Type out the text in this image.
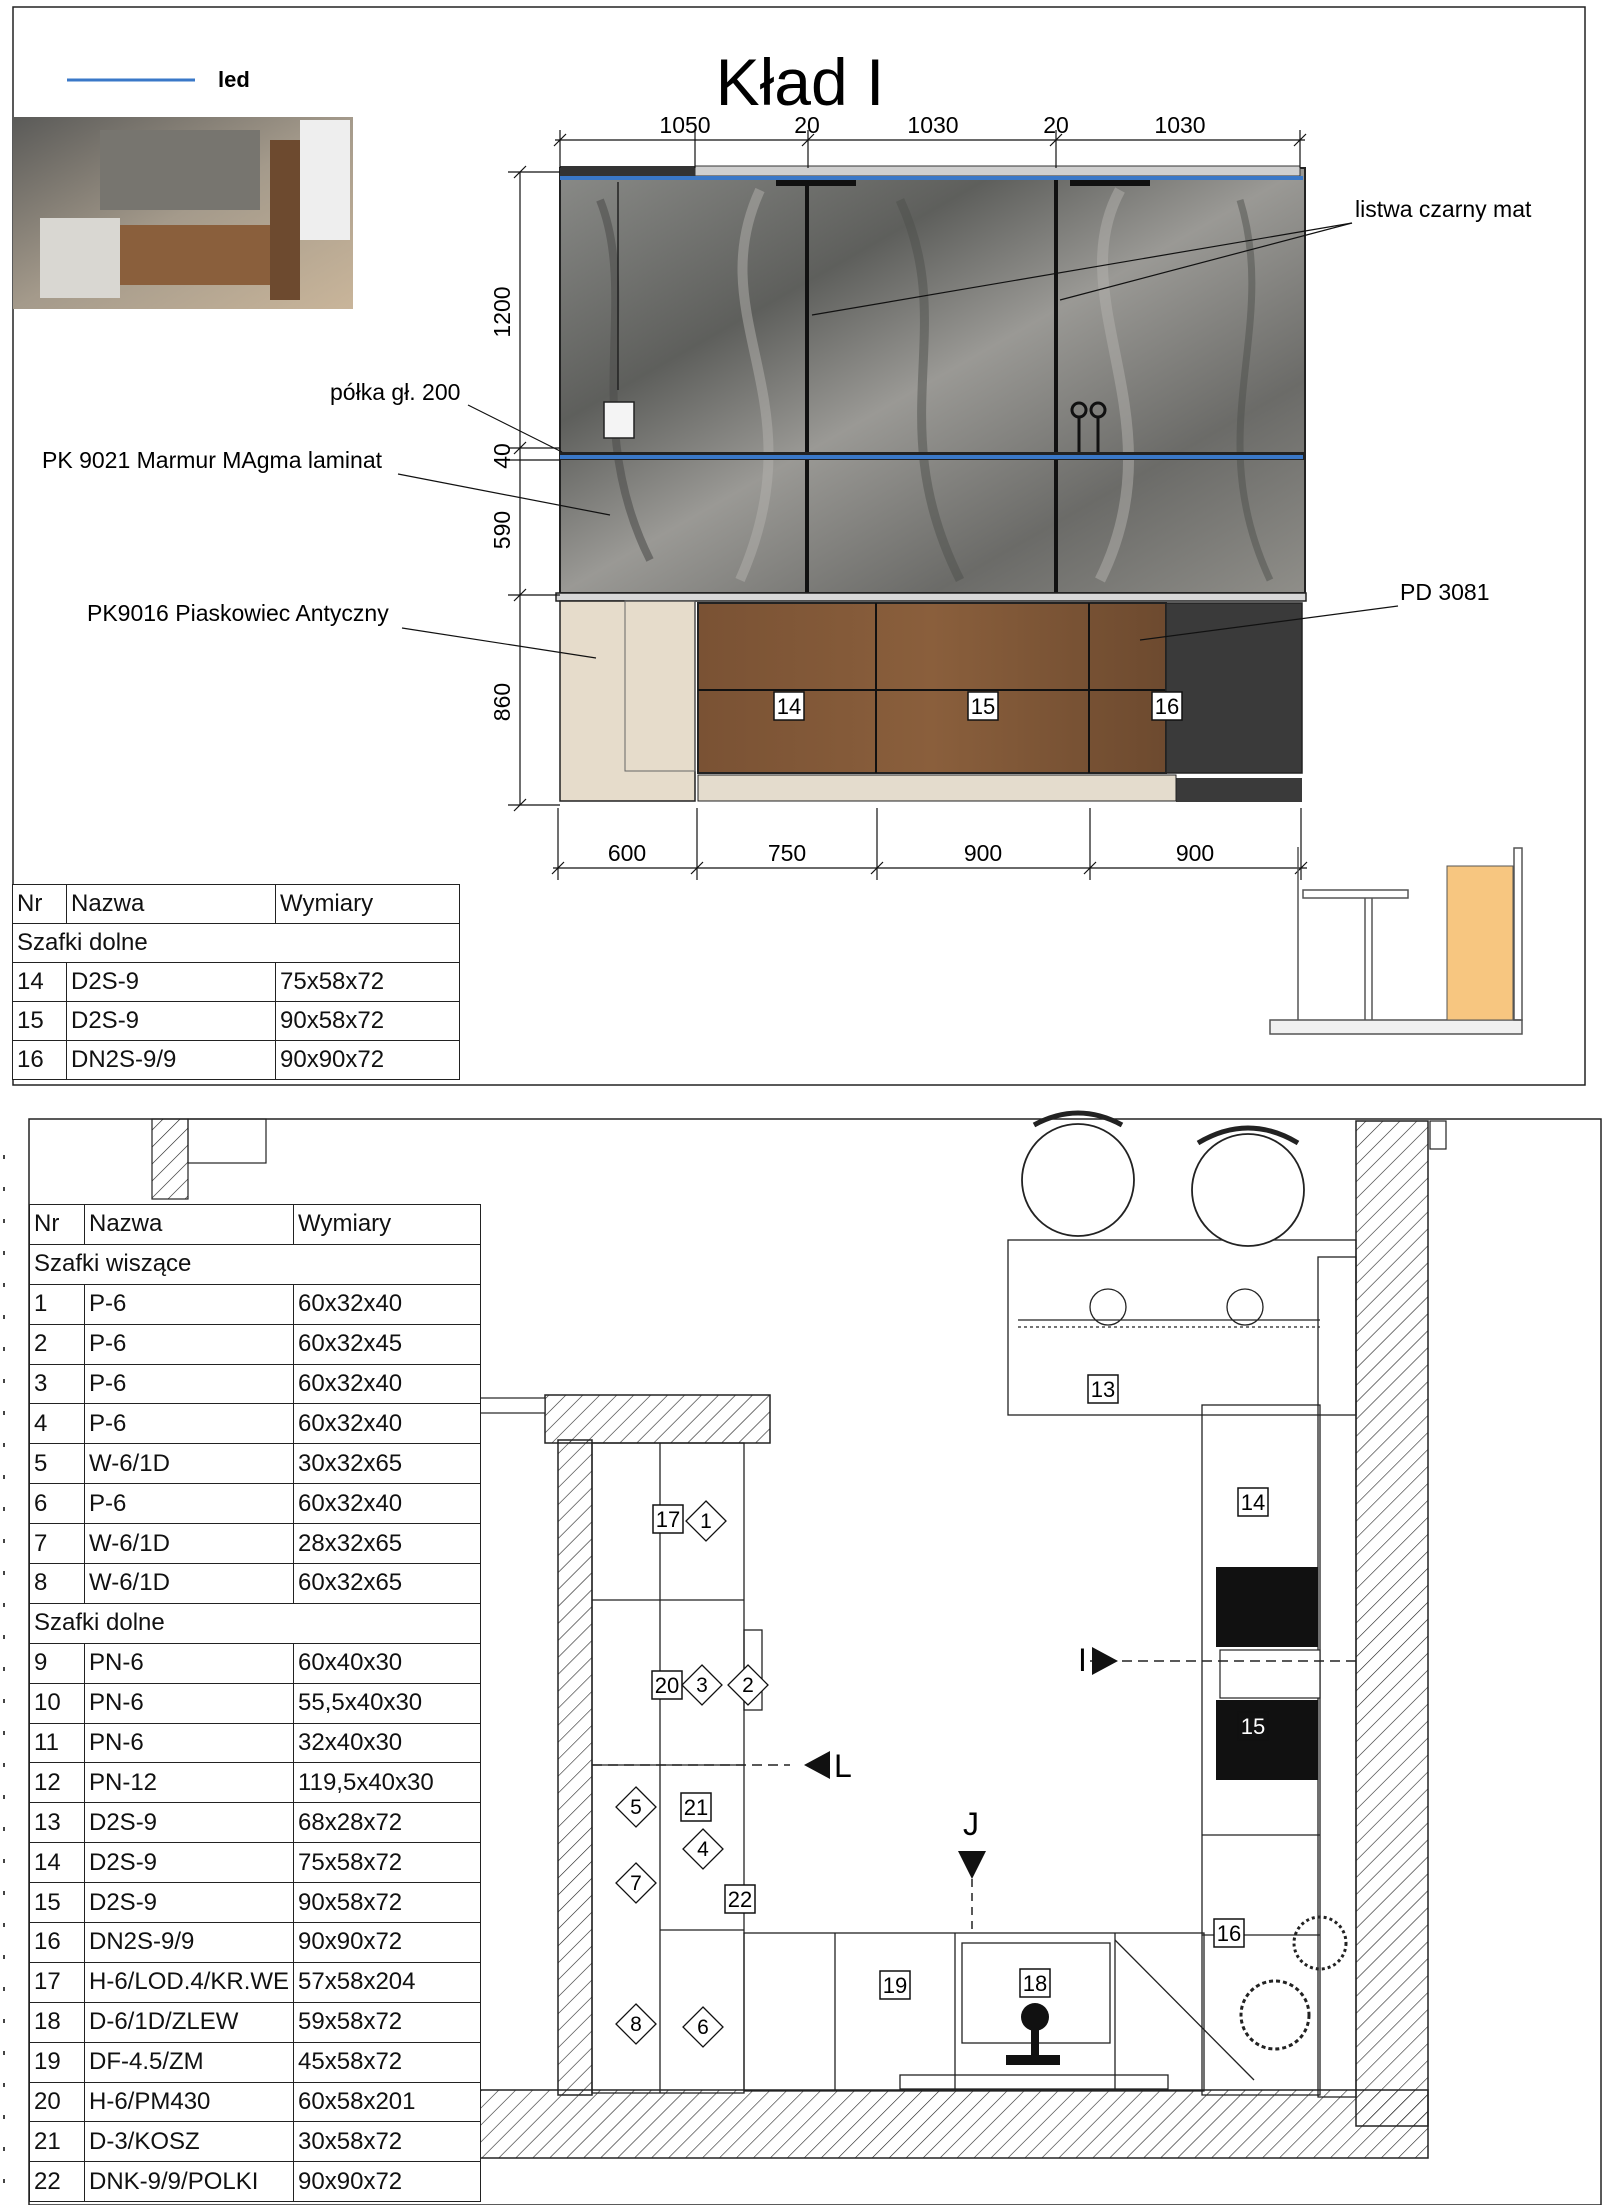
led	Kład I
14	15	16
1050	20	1030	20	1030
1200
40
590
860
600	750	900	900
listwa czarny mat
półka gł. 200
PK 9021 Marmur MAgma laminat
PK9016 Piaskowiec Antyczny
PD 3081
Nr	Nazwa	Wymiary
Szafki dolne		
14	D2S-9	75x58x72
15	D2S-9	90x58x72
16	DN2S-9/9	90x90x72
17
20
21
22
13
14
15
16
19	18
1
3 2
5
4
7
8	6
I
L
J
Nr	Nazwa	Wymiary
Szafki wiszące		
1	P-6	60x32x40
2	P-6	60x32x45
3	P-6	60x32x40
4	P-6	60x32x40
5	W-6/1D	30x32x65
6	P-6	60x32x40
7	W-6/1D	28x32x65
8	W-6/1D	60x32x65
Szafki dolne		
9	PN-6	60x40x30
10	PN-6	55,5x40x30
11	PN-6	32x40x30
12	PN-12	119,5x40x30
13	D2S-9	68x28x72
14	D2S-9	75x58x72
15	D2S-9	90x58x72
16	DN2S-9/9	90x90x72
17	H-6/LOD.4/KR.WE	57x58x204
18	D-6/1D/ZLEW	59x58x72
19	DF-4.5/ZM	45x58x72
20	H-6/PM430	60x58x201
21	D-3/KOSZ	30x58x72
22	DNK-9/9/POLKI	90x90x72
